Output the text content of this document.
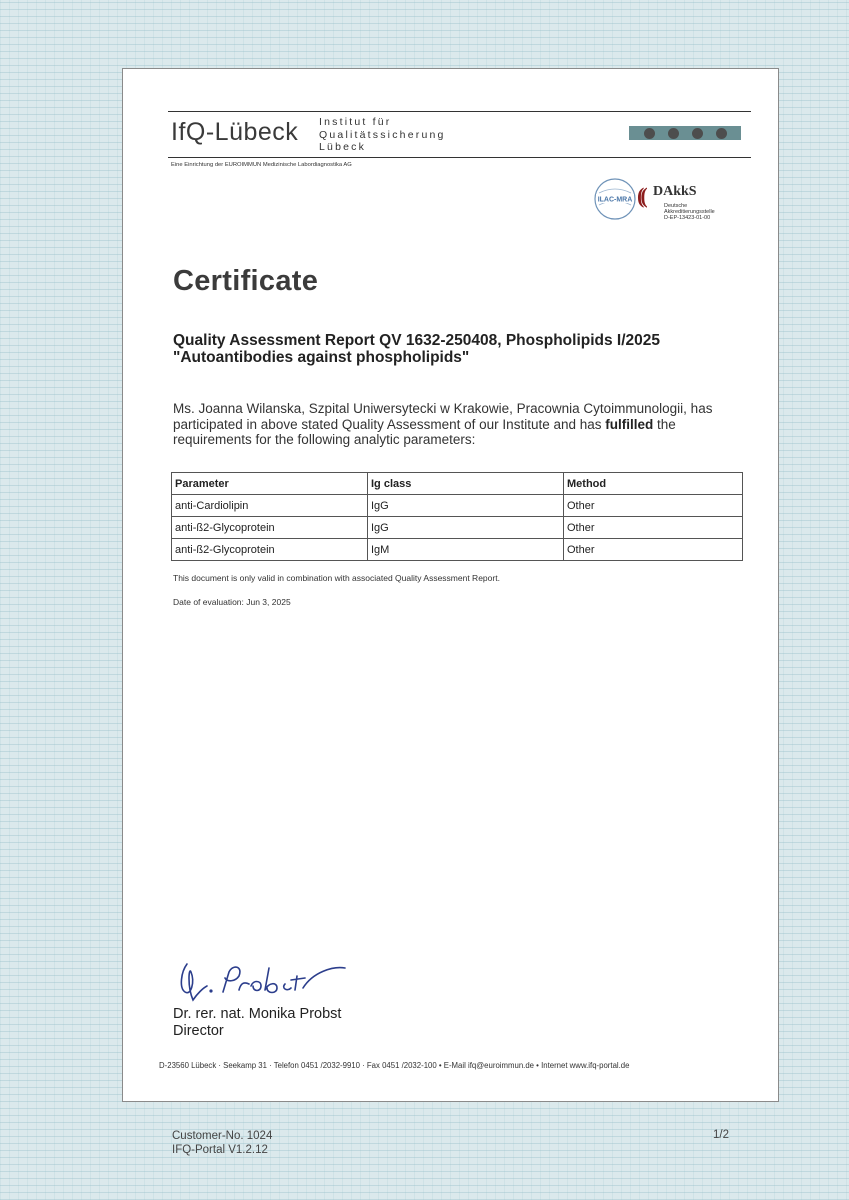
IfQ-Lübeck Institut für
Qualitätssicherung
Lübeck
Eine Einrichtung der EUROIMMUN Medizinische Labordiagnostika AG
ILAC-MRA (( DAkkS
Deutsche
Akkreditierungsstelle
D-EP-13423-01-00
Certificate
Quality Assessment Report QV 1632-250408, Phospholipids I/2025
"Autoantibodies against phospholipids"
Ms. Joanna Wilanska, Szpital Uniwersytecki w Krakowie, Pracownia Cytoimmunologii, has participated in above stated Quality Assessment of our Institute and has fulfilled the requirements for the following analytic parameters:
Parameter	Ig class	Method
anti-Cardiolipin	IgG	Other
anti-ß2-Glycoprotein	IgG	Other
anti-ß2-Glycoprotein	IgM	Other
This document is only valid in combination with associated Quality Assessment Report.
Date of evaluation: Jun 3, 2025
Dr. rer. nat. Monika Probst
Director
D-23560 Lübeck · Seekamp 31 · Telefon 0451 /2032-9910 · Fax 0451 /2032-100 • E-Mail ifq@euroimmun.de • Internet www.ifq-portal.de
Customer-No. 1024
IFQ-Portal V1.2.12
1/2
